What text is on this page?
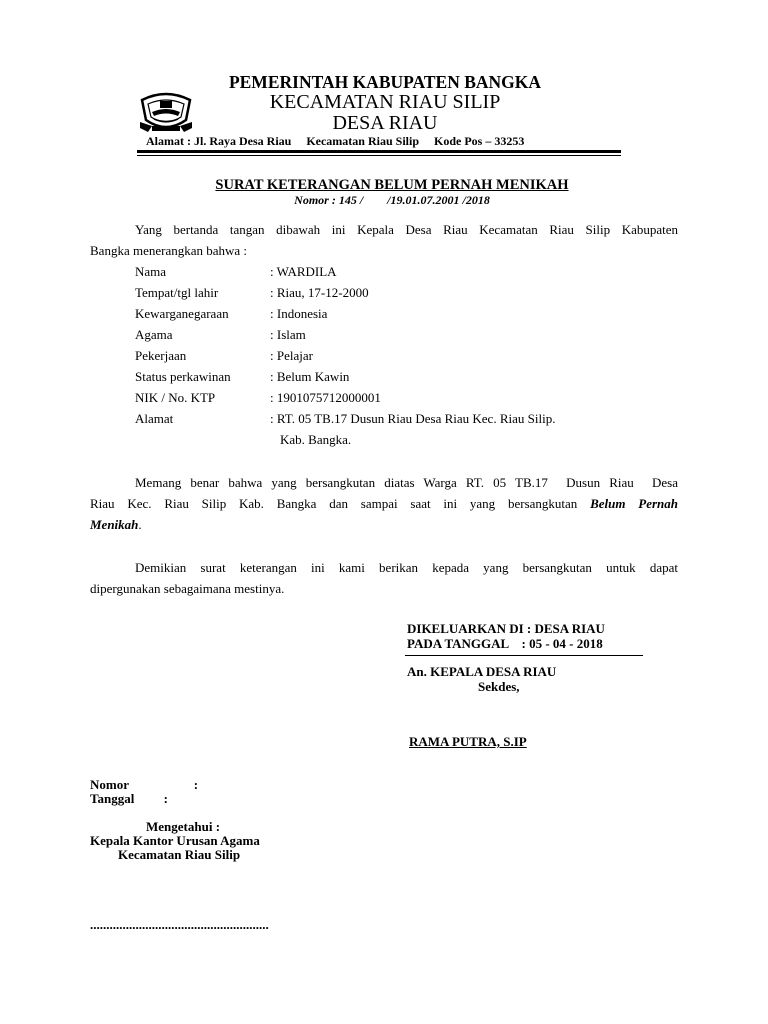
PEMERINTAH KABUPATEN BANGKA
KECAMATAN RIAU SILIP
DESA RIAU
Alamat : Jl. Raya Desa Riau     Kecamatan Riau Silip     Kode Pos – 33253
SURAT KETERANGAN BELUM PERNAH MENIKAH
Nomor : 145 /        /19.01.07.2001 /2018
Yang bertanda tangan dibawah ini Kepala Desa Riau Kecamatan Riau Silip Kabupaten
Bangka menerangkan bahwa :
Nama	: WARDILA
Tempat/tgl lahir	: Riau, 17-12-2000
Kewarganegaraan	: Indonesia
Agama	: Islam
Pekerjaan	: Pelajar
Status perkawinan	: Belum Kawin
NIK / No. KTP	: 1901075712000001
Alamat	: RT. 05 TB.17 Dusun Riau Desa Riau Kec. Riau Silip.
Kab. Bangka.
Memang benar bahwa yang bersangkutan diatas Warga RT. 05 TB.17  Dusun Riau  Desa
Riau Kec. Riau Silip Kab. Bangka dan sampai saat ini yang bersangkutan Belum Pernah
Menikah.
Demikian surat keterangan ini kami berikan kepada yang bersangkutan untuk dapat
dipergunakan sebagaimana mestinya.
DIKELUARKAN DI : DESA RIAU
PADA TANGGAL    : 05 - 04 - 2018
An. KEPALA DESA RIAU
Sekdes,
RAMA PUTRA, S.IP
Nomor                    :
Tanggal         :
Mengetahui :
Kepala Kantor Urusan Agama
Kecamatan Riau Silip
.......................................................
